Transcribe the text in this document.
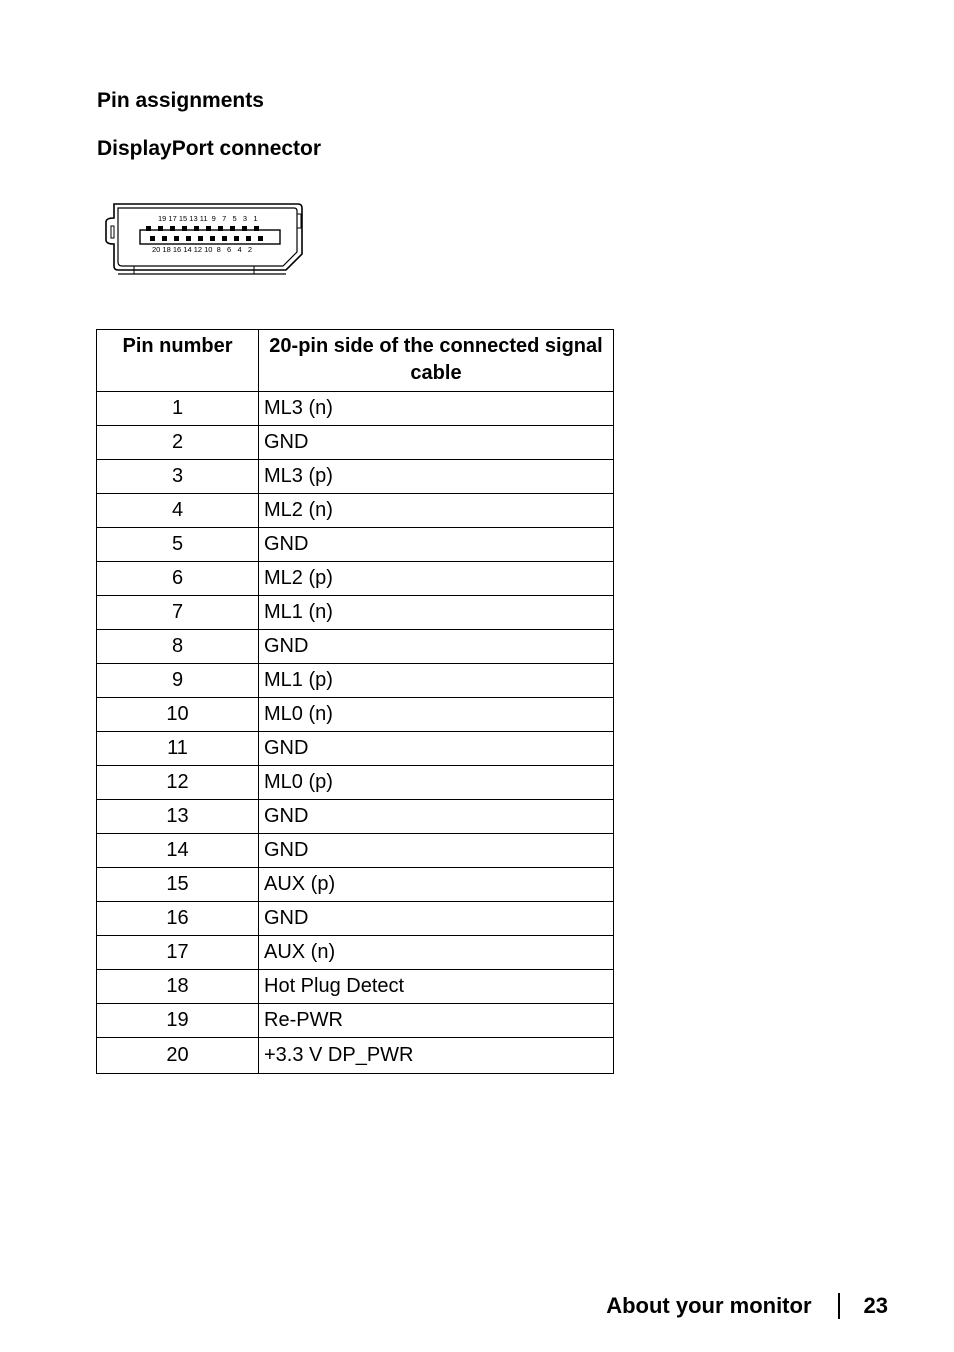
Pin assignments
DisplayPort connector
19 17 15 13 11  9   7   5   3   1
20 18 16 14 12 10  8   6   4   2
Pin number	20-pin side of the connected signal cable
1	ML3 (n)
2	GND
3	ML3 (p)
4	ML2 (n)
5	GND
6	ML2 (p)
7	ML1 (n)
8	GND
9	ML1 (p)
10	ML0 (n)
11	GND
12	ML0 (p)
13	GND
14	GND
15	AUX (p)
16	GND
17	AUX (n)
18	Hot Plug Detect
19	Re-PWR
20	+3.3 V DP_PWR
About your monitor 23
